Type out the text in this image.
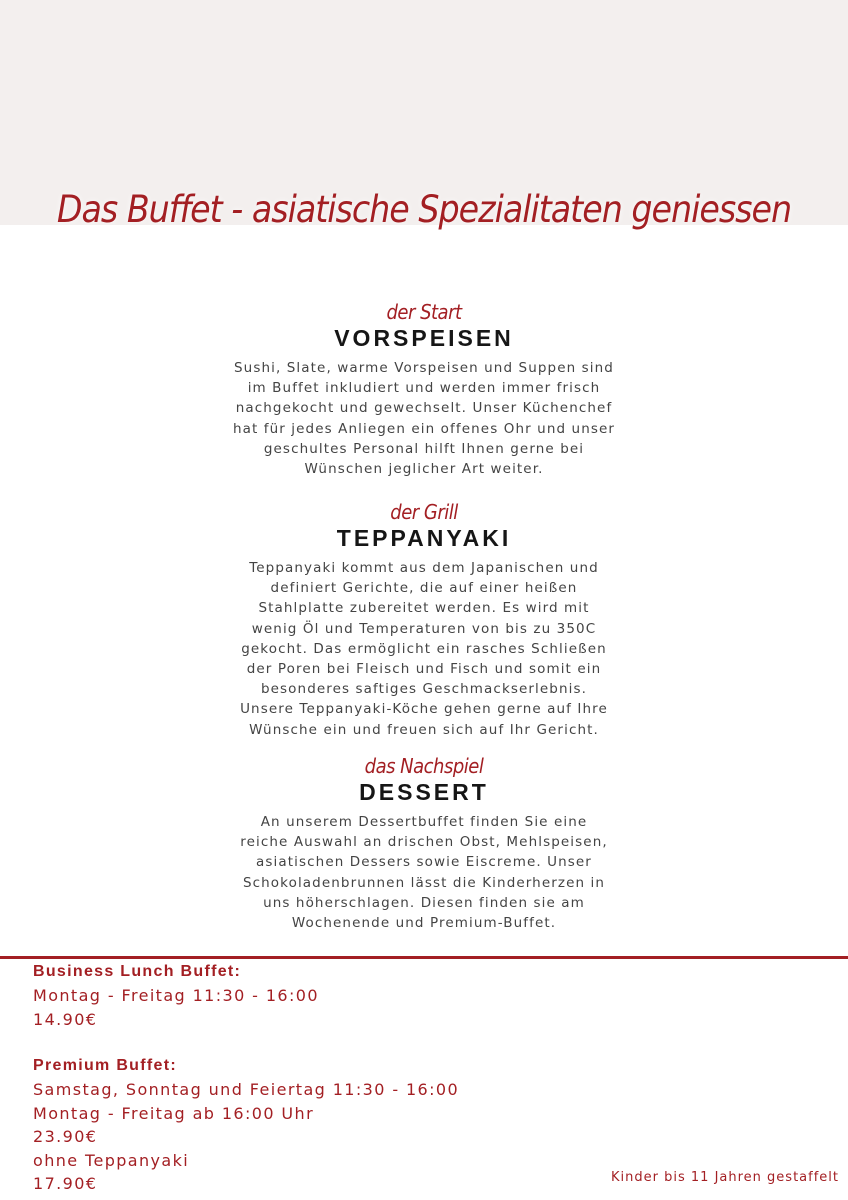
Das Buffet - asiatische Spezialitaten geniessen
der Start
VORSPEISEN
Sushi, Slate, warme Vorspeisen und Suppen sind
im Buffet inkludiert und werden immer frisch
nachgekocht und gewechselt. Unser Küchenchef
hat für jedes Anliegen ein offenes Ohr und unser
geschultes Personal hilft Ihnen gerne bei
Wünschen jeglicher Art weiter.
der Grill
TEPPANYAKI
Teppanyaki kommt aus dem Japanischen und
definiert Gerichte, die auf einer heißen
Stahlplatte zubereitet werden. Es wird mit
wenig Öl und Temperaturen von bis zu 350C
gekocht. Das ermöglicht ein rasches Schließen
der Poren bei Fleisch und Fisch und somit ein
besonderes saftiges Geschmackserlebnis.
Unsere Teppanyaki-Köche gehen gerne auf Ihre
Wünsche ein und freuen sich auf Ihr Gericht.
das Nachspiel
DESSERT
An unserem Dessertbuffet finden Sie eine
reiche Auswahl an drischen Obst, Mehlspeisen,
asiatischen Dessers sowie Eiscreme. Unser
Schokoladenbrunnen lässt die Kinderherzen in
uns höherschlagen. Diesen finden sie am
Wochenende und Premium-Buffet.
Business Lunch Buffet:
Montag - Freitag 11:30 - 16:00
14.90€
Premium Buffet:
Samstag, Sonntag und Feiertag 11:30 - 16:00
Montag - Freitag ab 16:00 Uhr
23.90€
ohne Teppanyaki
17.90€	Kinder bis 11 Jahren gestaffelt
